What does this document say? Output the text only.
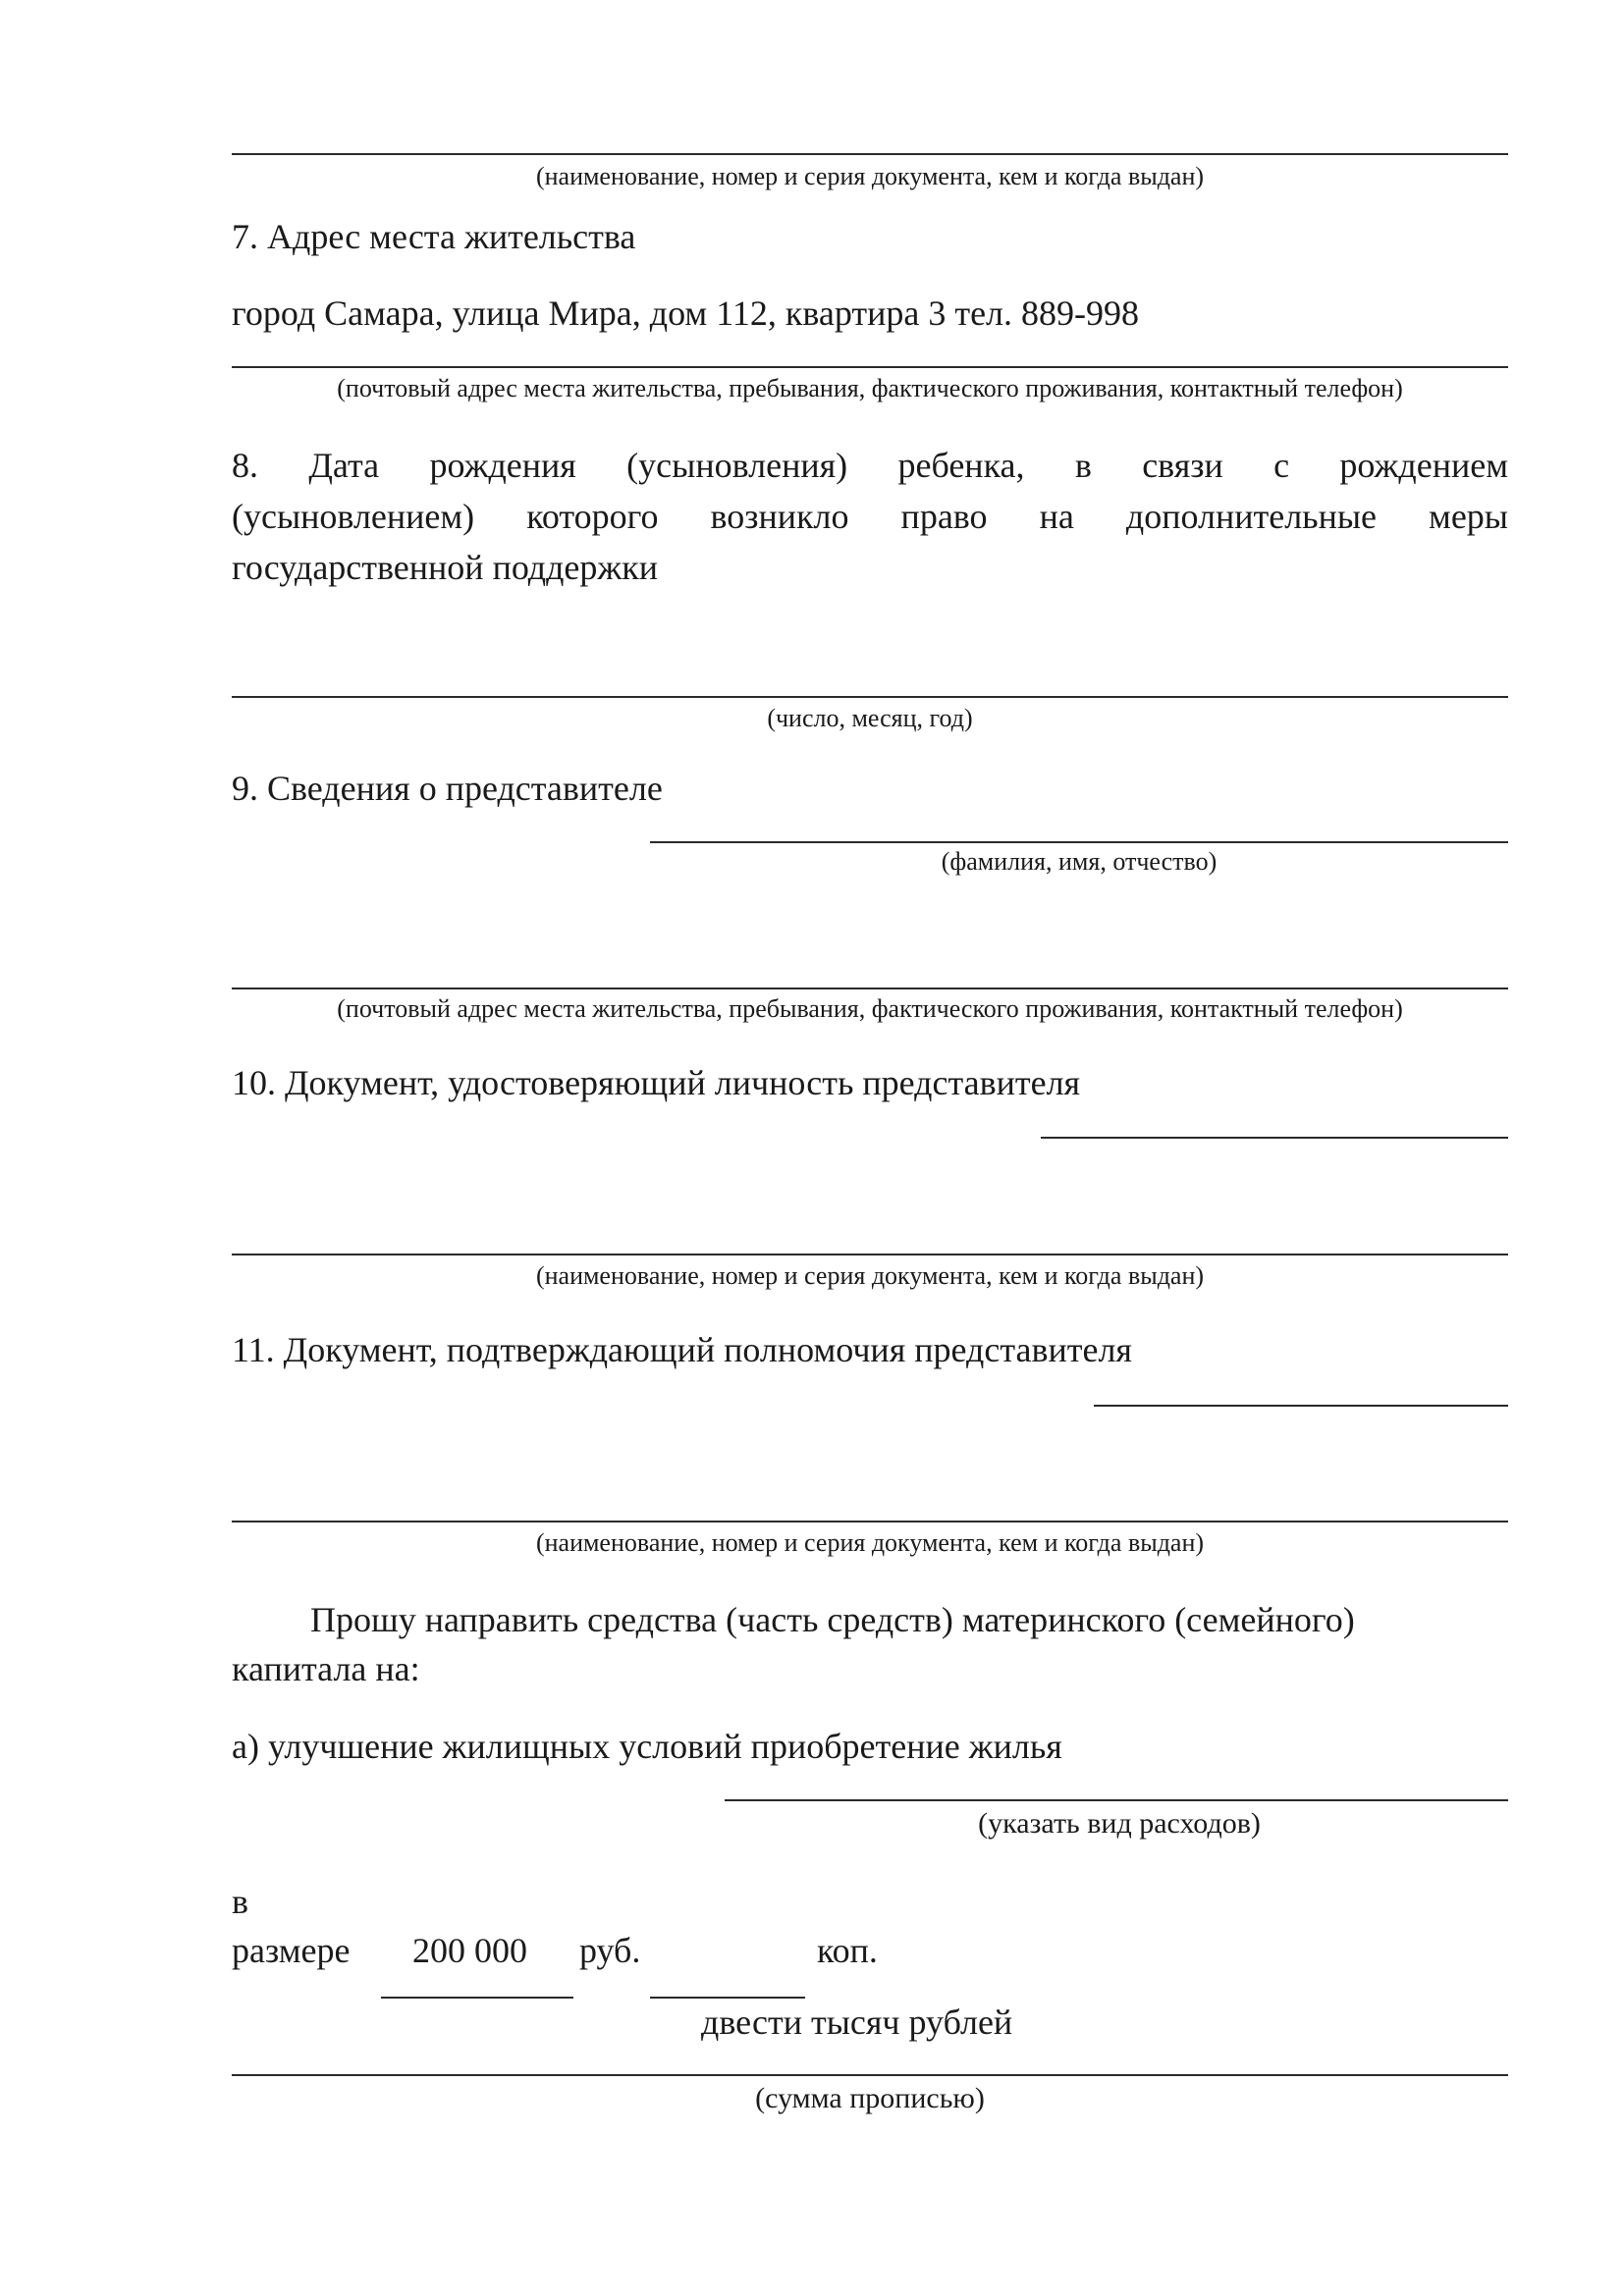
(наименование, номер и серия документа, кем и когда выдан)
7. Адрес места жительства
город Самара, улица Мира, дом 112, квартира 3 тел. 889-998
(почтовый адрес места жительства, пребывания, фактического проживания, контактный телефон)
8. Дата рождения (усыновления) ребенка, в связи с рождением
(усыновлением) которого возникло право на дополнительные меры
государственной поддержки
(число, месяц, год)
9. Сведения о представителе
(фамилия, имя, отчество)
(почтовый адрес места жительства, пребывания, фактического проживания, контактный телефон)
10. Документ, удостоверяющий личность представителя
(наименование, номер и серия документа, кем и когда выдан)
11. Документ, подтверждающий полномочия представителя
(наименование, номер и серия документа, кем и когда выдан)
Прошу направить средства (часть средств) материнского (семейного)
капитала на:
а) улучшение жилищных условий приобретение жилья
(указать вид расходов)
в
размере 200 000 руб.	коп.
двести тысяч рублей
(сумма прописью)
